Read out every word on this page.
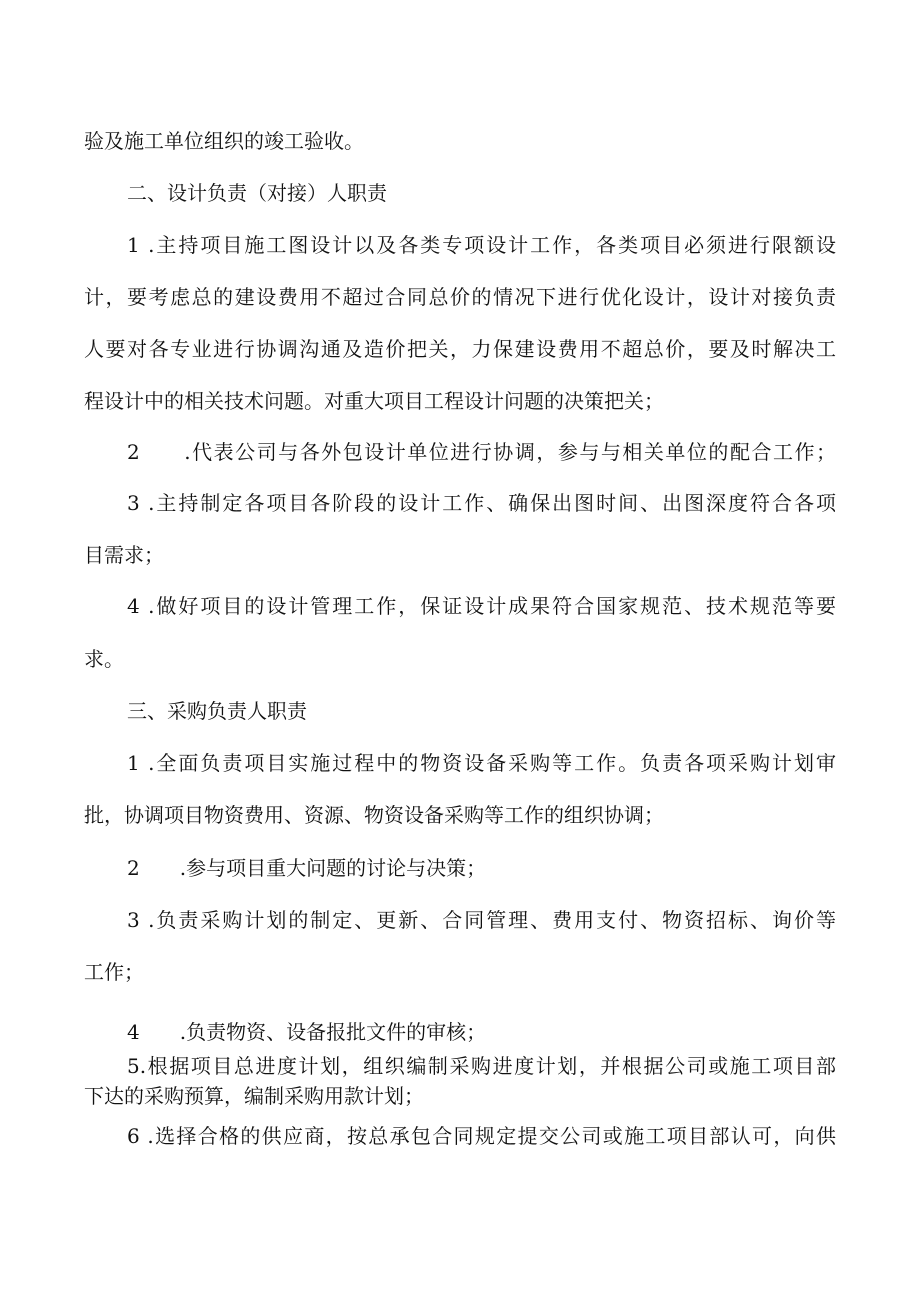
验及施工单位组织的竣工验收。
二、设计负责（对接）人职责
1 .主持项目施工图设计以及各类专项设计工作，各类项目必须进行限额设
计，要考虑总的建设费用不超过合同总价的情况下进行优化设计，设计对接负责
人要对各专业进行协调沟通及造价把关，力保建设费用不超总价，要及时解决工
程设计中的相关技术问题。对重大项目工程设计问题的决策把关；
2　　.代表公司与各外包设计单位进行协调，参与与相关单位的配合工作；
3 .主持制定各项目各阶段的设计工作、确保出图时间、出图深度符合各项
目需求；
4 .做好项目的设计管理工作，保证设计成果符合国家规范、技术规范等要
求。
三、采购负责人职责
1 .全面负责项目实施过程中的物资设备采购等工作。负责各项采购计划审
批，协调项目物资费用、资源、物资设备采购等工作的组织协调；
2　　.参与项目重大问题的讨论与决策；
3 .负责采购计划的制定、更新、合同管理、费用支付、物资招标、询价等
工作；
4　　.负责物资、设备报批文件的审核；
5.根据项目总进度计划，组织编制采购进度计划，并根据公司或施工项目部
下达的采购预算，编制采购用款计划；
6 .选择合格的供应商，按总承包合同规定提交公司或施工项目部认可，向供
